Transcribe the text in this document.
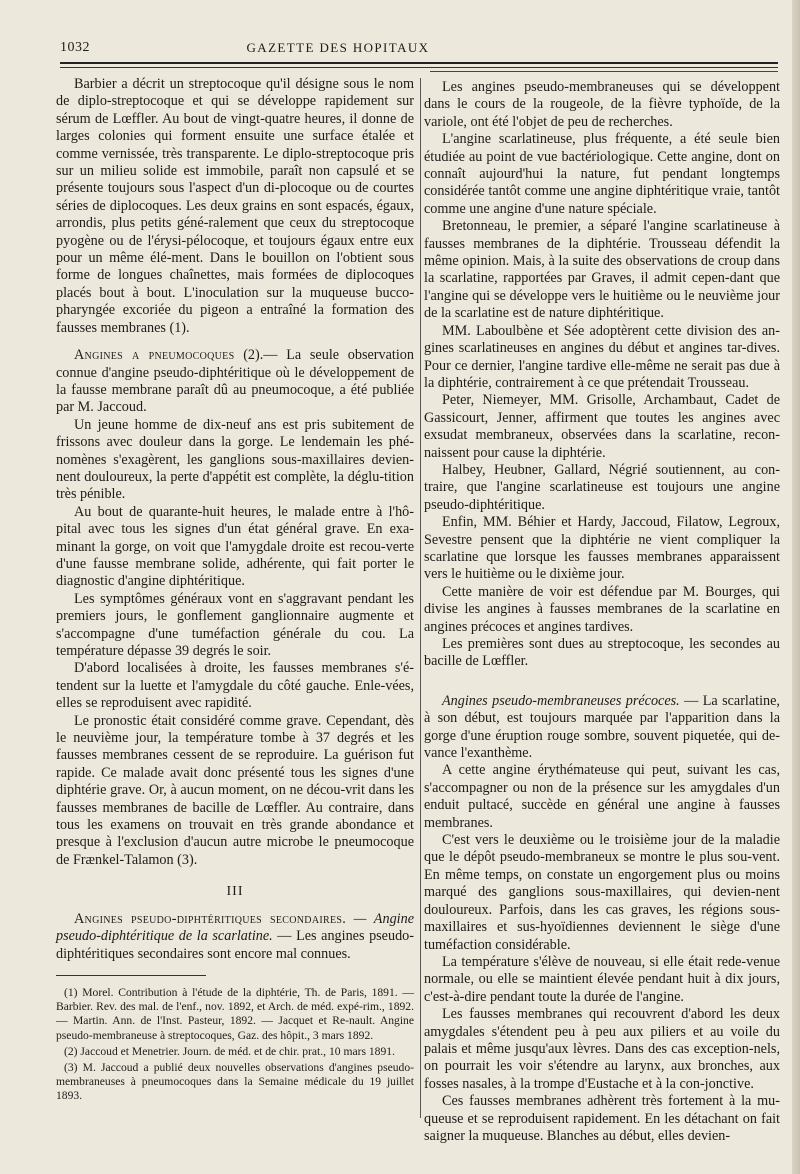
1032	GAZETTE DES HOPITAUX

Barbier a décrit un streptocoque qu'il désigne sous le nom de diplo-streptocoque et qui se développe rapidement sur sérum de Lœffler. Au bout de vingt-quatre heures, il donne de larges colonies qui forment ensuite une surface étalée et comme vernissée, très transparente. Le diplo-streptocoque pris sur un milieu solide est immobile, paraît non capsulé et se présente toujours sous l'aspect d'un di-plocoque ou de courtes séries de diplocoques. Les deux grains en sont espacés, égaux, arrondis, plus petits géné-ralement que ceux du streptocoque pyogène ou de l'érysi-pélocoque, et toujours égaux entre eux pour un même élé-ment. Dans le bouillon on l'obtient sous forme de longues chaînettes, mais formées de diplocoques placés bout à bout. L'inoculation sur la muqueuse bucco-pharyngée excoriée du pigeon a entraîné la formation des fausses membranes (1).

Angines a pneumocoques (2).— La seule observation connue d'angine pseudo-diphtéritique où le développement de la fausse membrane paraît dû au pneumocoque, a été publiée par M. Jaccoud.

Un jeune homme de dix-neuf ans est pris subitement de frissons avec douleur dans la gorge. Le lendemain les phé-nomènes s'exagèrent, les ganglions sous-maxillaires devien-nent douloureux, la perte d'appétit est complète, la déglu-tition très pénible.

Au bout de quarante-huit heures, le malade entre à l'hô-pital avec tous les signes d'un état général grave. En exa-minant la gorge, on voit que l'amygdale droite est recou-verte d'une fausse membrane solide, adhérente, qui fait porter le diagnostic d'angine diphtéritique.

Les symptômes généraux vont en s'aggravant pendant les premiers jours, le gonflement ganglionnaire augmente et s'accompagne d'une tuméfaction générale du cou. La température dépasse 39 degrés le soir.

D'abord localisées à droite, les fausses membranes s'é-tendent sur la luette et l'amygdale du côté gauche. Enle-vées, elles se reproduisent avec rapidité.

Le pronostic était considéré comme grave. Cependant, dès le neuvième jour, la température tombe à 37 degrés et les fausses membranes cessent de se reproduire. La guérison fut rapide. Ce malade avait donc présenté tous les signes d'une diphtérie grave. Or, à aucun moment, on ne décou-vrit dans les fausses membranes de bacille de Lœffler. Au contraire, dans tous les examens on trouvait en très grande abondance et presque à l'exclusion d'aucun autre microbe le pneumocoque de Frænkel-Talamon (3).

III

Angines pseudo-diphtéritiques secondaires. — Angine pseudo-diphtéritique de la scarlatine. — Les angines pseudo-diphtéritiques secondaires sont encore mal connues.

(1) Morel. Contribution à l'étude de la diphtérie, Th. de Paris, 1891. — Barbier. Rev. des mal. de l'enf., nov. 1892, et Arch. de méd. expé-rim., 1892. — Martin. Ann. de l'Inst. Pasteur, 1892. — Jacquet et Re-nault. Angine pseudo-membraneuse à streptocoques, Gaz. des hôpit., 3 mars 1892.

(2) Jaccoud et Menetrier. Journ. de méd. et de chir. prat., 10 mars 1891.

(3) M. Jaccoud a publié deux nouvelles observations d'angines pseudo-membraneuses à pneumocoques dans la Semaine médicale du 19 juillet 1893.

Les angines pseudo-membraneuses qui se développent dans le cours de la rougeole, de la fièvre typhoïde, de la variole, ont été l'objet de peu de recherches.

L'angine scarlatineuse, plus fréquente, a été seule bien étudiée au point de vue bactériologique. Cette angine, dont on connaît aujourd'hui la nature, fut pendant longtemps considérée tantôt comme une angine diphtéritique vraie, tantôt comme une angine d'une nature spéciale.

Bretonneau, le premier, a séparé l'angine scarlatineuse à fausses membranes de la diphtérie. Trousseau défendit la même opinion. Mais, à la suite des observations de croup dans la scarlatine, rapportées par Graves, il admit cepen-dant que l'angine qui se développe vers le huitième ou le neuvième jour de la scarlatine est de nature diphtéritique.

MM. Laboulbène et Sée adoptèrent cette division des an-gines scarlatineuses en angines du début et angines tar-dives. Pour ce dernier, l'angine tardive elle-même ne serait pas due à la diphtérie, contrairement à ce que prétendait Trousseau.

Peter, Niemeyer, MM. Grisolle, Archambaut, Cadet de Gassicourt, Jenner, affirment que toutes les angines avec exsudat membraneux, observées dans la scarlatine, recon-naissent pour cause la diphtérie.

Halbey, Heubner, Gallard, Négrié soutiennent, au con-traire, que l'angine scarlatineuse est toujours une angine pseudo-diphtéritique.

Enfin, MM. Béhier et Hardy, Jaccoud, Filatow, Legroux, Sevestre pensent que la diphtérie ne vient compliquer la scarlatine que lorsque les fausses membranes apparaissent vers le huitième ou le dixième jour.

Cette manière de voir est défendue par M. Bourges, qui divise les angines à fausses membranes de la scarlatine en angines précoces et angines tardives.

Les premières sont dues au streptocoque, les secondes au bacille de Lœffler.

Angines pseudo-membraneuses précoces. — La scarlatine, à son début, est toujours marquée par l'apparition dans la gorge d'une éruption rouge sombre, souvent piquetée, qui de-vance l'exanthème.

A cette angine érythémateuse qui peut, suivant les cas, s'accompagner ou non de la présence sur les amygdales d'un enduit pultacé, succède en général une angine à fausses membranes.

C'est vers le deuxième ou le troisième jour de la maladie que le dépôt pseudo-membraneux se montre le plus sou-vent. En même temps, on constate un engorgement plus ou moins marqué des ganglions sous-maxillaires, qui devien-nent douloureux. Parfois, dans les cas graves, les régions sous-maxillaires et sus-hyoïdiennes deviennent le siège d'une tuméfaction considérable.

La température s'élève de nouveau, si elle était rede-venue normale, ou elle se maintient élevée pendant huit à dix jours, c'est-à-dire pendant toute la durée de l'angine.

Les fausses membranes qui recouvrent d'abord les deux amygdales s'étendent peu à peu aux piliers et au voile du palais et même jusqu'aux lèvres. Dans des cas exception-nels, on pourrait les voir s'étendre au larynx, aux bronches, aux fosses nasales, à la trompe d'Eustache et à la con-jonctive.

Ces fausses membranes adhèrent très fortement à la mu-queuse et se reproduisent rapidement. En les détachant on fait saigner la muqueuse. Blanches au début, elles devien-
